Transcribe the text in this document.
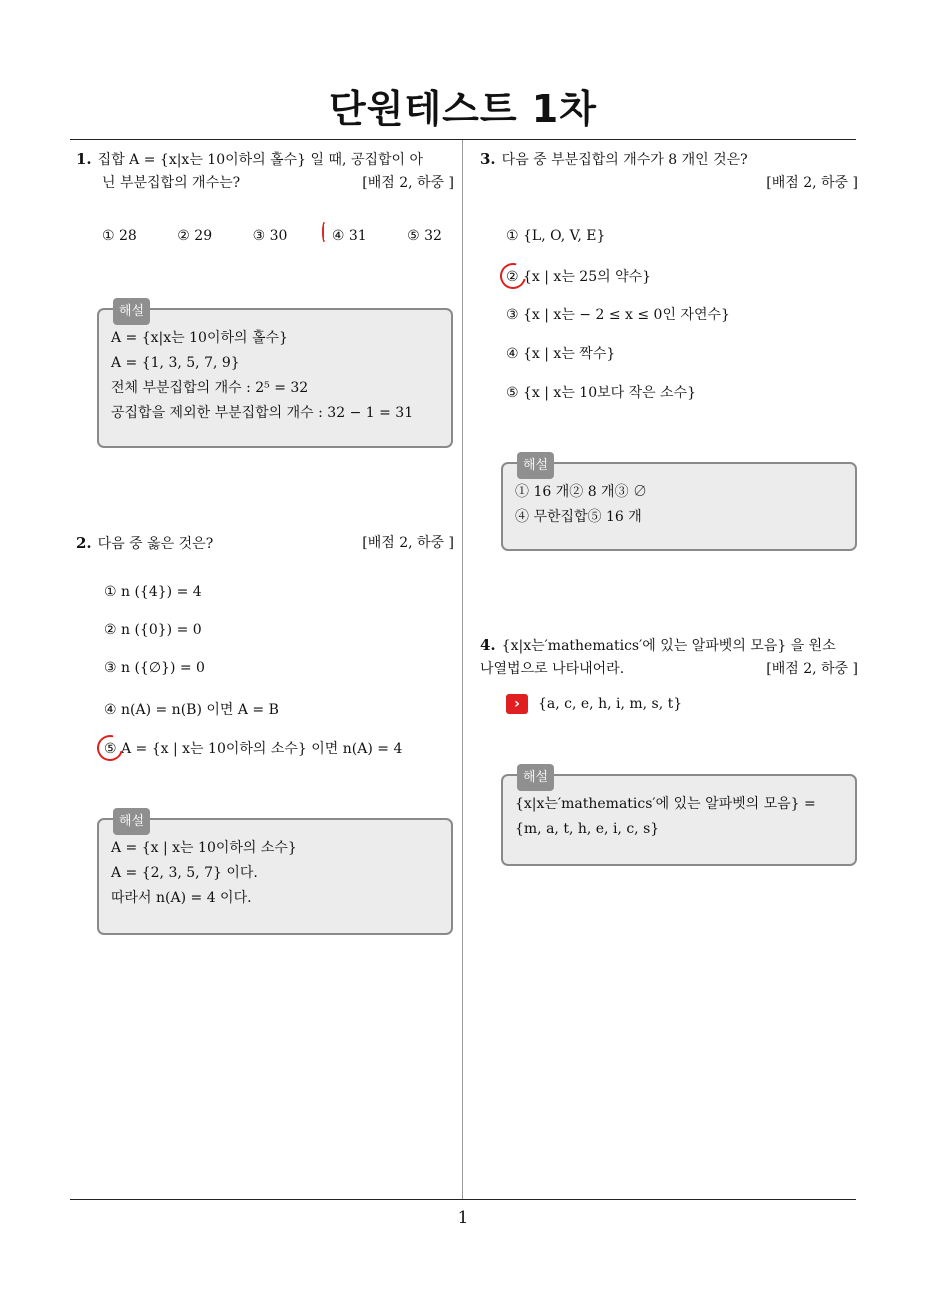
단원테스트 1차
1
1. 집합 A = {x|x는 10이하의 홀수} 일 때, 공집합이 아
닌 부분집합의 개수는?	[배점 2, 하중 ]
① 28	② 29	③ 30	④ 31	⑤ 32
해설
A = {x|x는 10이하의 홀수}
A = {1, 3, 5, 7, 9}
전체 부분집합의 개수 : 2⁵ = 32
공집합을 제외한 부분집합의 개수 : 32 − 1 = 31
2. 다음 중 옳은 것은?	[배점 2, 하중 ]
① n ({4}) = 4
② n ({0}) = 0
③ n ({∅}) = 0
④ n(A) = n(B) 이면 A = B
⑤ A = {x | x는 10이하의 소수} 이면 n(A) = 4
해설
A = {x | x는 10이하의 소수}
A = {2, 3, 5, 7} 이다.
따라서 n(A) = 4 이다.
3. 다음 중 부분집합의 개수가 8 개인 것은?
[배점 2, 하중 ]
① {L, O, V, E}
② {x | x는 25의 약수}
③ {x | x는 − 2 ≤ x ≤ 0인 자연수}
④ {x | x는 짝수}
⑤ {x | x는 10보다 작은 소수}
해설
① 16 개② 8 개③ ∅
④ 무한집합⑤ 16 개
4. {x|x는′mathematics′에 있는 알파벳의 모음} 을 원소
나열법으로 나타내어라.	[배점 2, 하중 ]
› {a, c, e, h, i, m, s, t}
해설
{x|x는′mathematics′에 있는 알파벳의 모음} =
{m, a, t, h, e, i, c, s}
